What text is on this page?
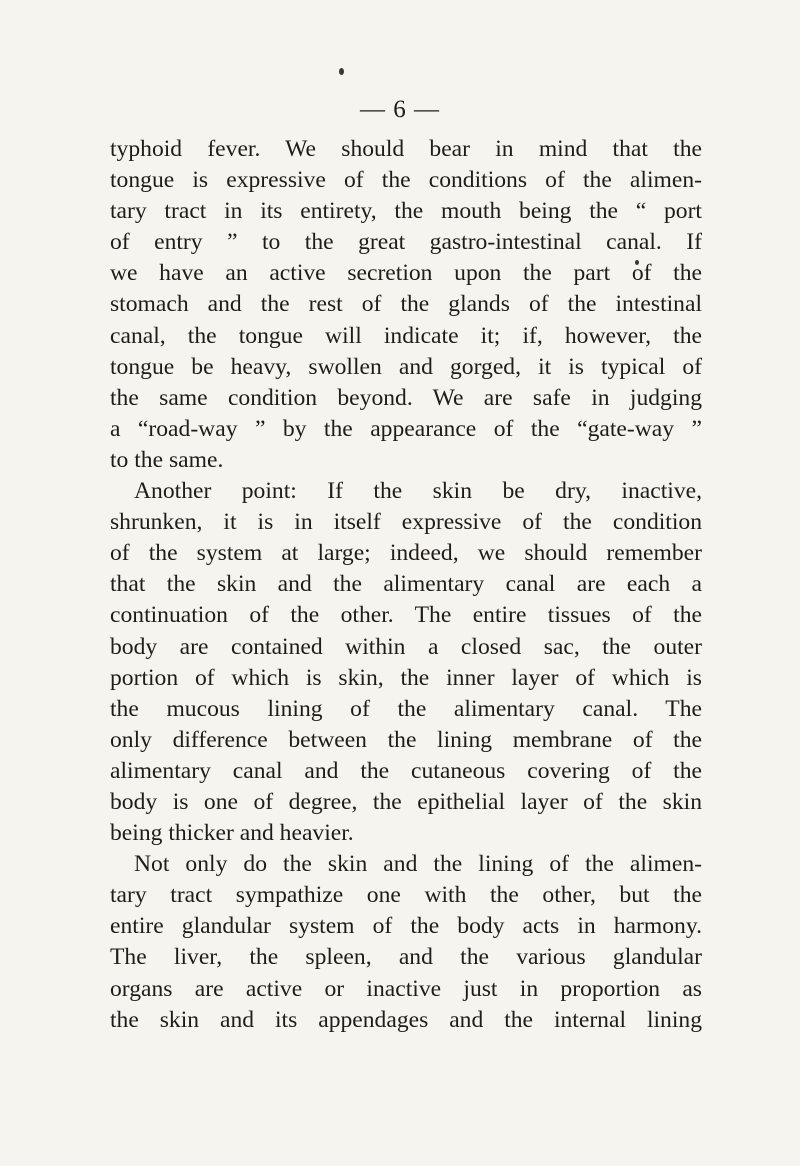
— 6 —
typhoid fever. We should bear in mind that the
tongue is expressive of the conditions of the alimen-
tary tract in its entirety, the mouth being the “ port
of entry ” to the great gastro-intestinal canal. If
we have an active secretion upon the part of the
stomach and the rest of the glands of the intestinal
canal, the tongue will indicate it; if, however, the
tongue be heavy, swollen and gorged, it is typical of
the same condition beyond. We are safe in judging
a “road-way ” by the appearance of the “gate-way ”
to the same.
Another point: If the skin be dry, inactive,
shrunken, it is in itself expressive of the condition
of the system at large; indeed, we should remember
that the skin and the alimentary canal are each a
continuation of the other. The entire tissues of the
body are contained within a closed sac, the outer
portion of which is skin, the inner layer of which is
the mucous lining of the alimentary canal. The
only difference between the lining membrane of the
alimentary canal and the cutaneous covering of the
body is one of degree, the epithelial layer of the skin
being thicker and heavier.
Not only do the skin and the lining of the alimen-
tary tract sympathize one with the other, but the
entire glandular system of the body acts in harmony.
The liver, the spleen, and the various glandular
organs are active or inactive just in proportion as
the skin and its appendages and the internal lining
